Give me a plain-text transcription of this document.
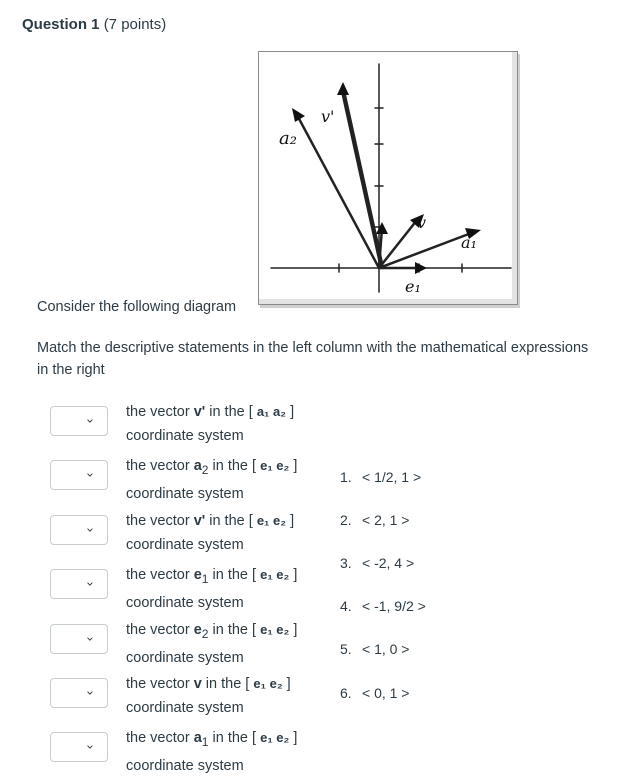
Question 1 (7 points)
a₂
v'
v
a₁
e₁
Consider the following diagram
Match the descriptive statements in the left column with the mathematical expressions in the right
›
the vector v' in the [ a₁ a₂ ] coordinate system
›
the vector $a_2$ in the [ e₁ e₂ ] coordinate system
›
the vector v' in the [ e₁ e₂ ] coordinate system
›
the vector $e_1$ in the [ e₁ e₂ ] coordinate system
›
the vector $e_2$ in the [ e₁ e₂ ] coordinate system
›
the vector v in the [ e₁ e₂ ] coordinate system
›
the vector $a_1$ in the [ e₁ e₂ ] coordinate system
1. < 1/2, 1 >
2. < 2, 1 >
3. < -2, 4 >
4. < -1, 9/2 >
5. < 1, 0 >
6. < 0, 1 >
